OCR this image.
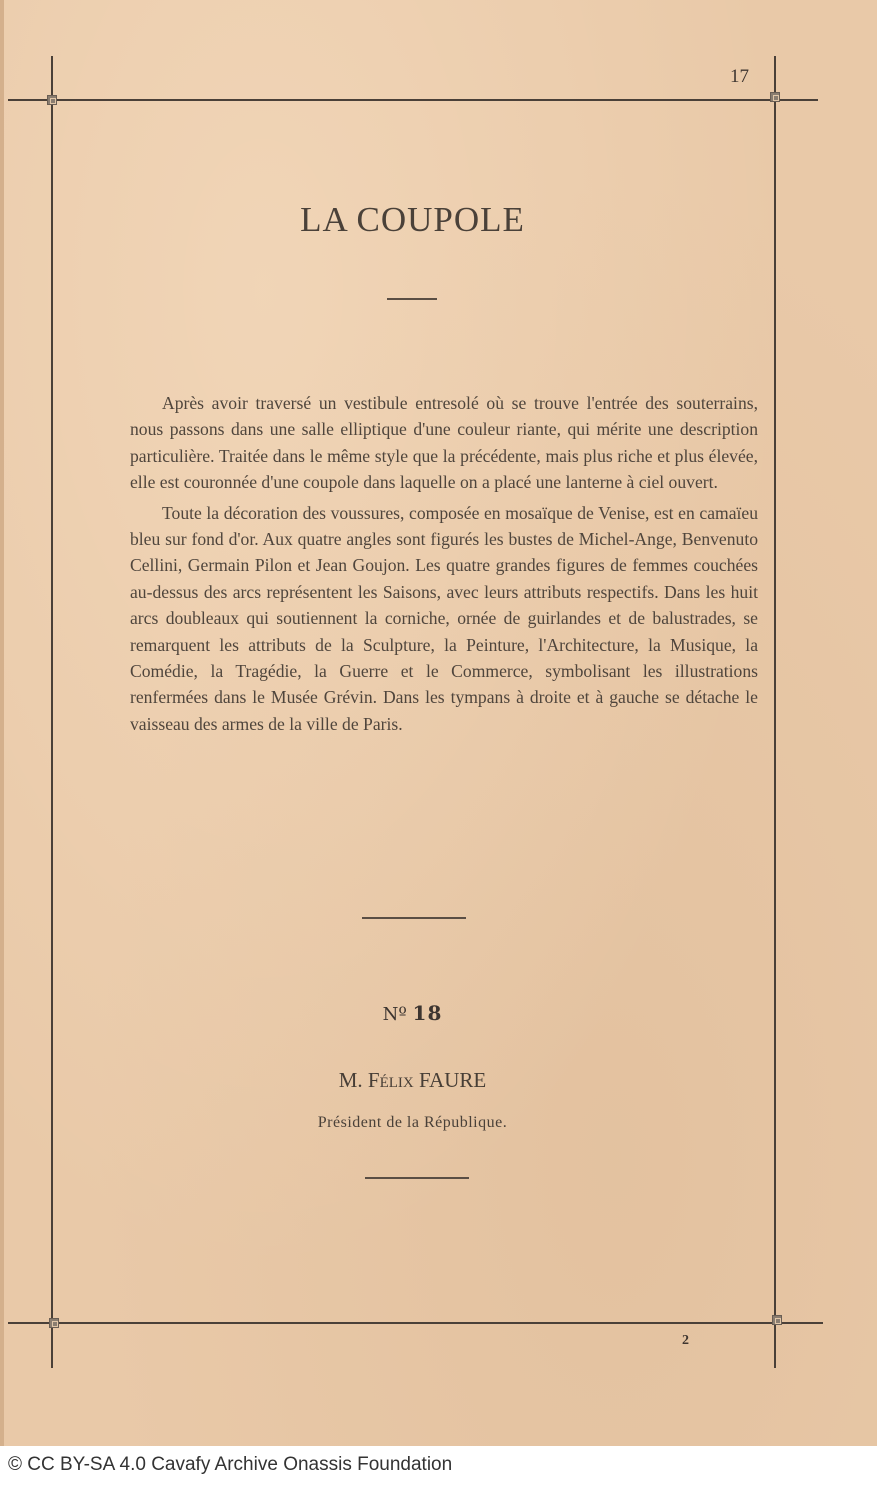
17
LA COUPOLE

Après avoir traversé un vestibule entresolé où se trouve l'entrée des souterrains, nous passons dans une salle elliptique d'une couleur riante, qui mérite une description particulière. Traitée dans le même style que la précédente, mais plus riche et plus élevée, elle est couronnée d'une coupole dans laquelle on a placé une lanterne à ciel ouvert.

Toute la décoration des voussures, composée en mosaïque de Venise, est en camaïeu bleu sur fond d'or. Aux quatre angles sont figurés les bustes de Michel-Ange, Benvenuto Cellini, Germain Pilon et Jean Goujon. Les quatre grandes figures de femmes couchées au-dessus des arcs représentent les Saisons, avec leurs attributs respectifs. Dans les huit arcs doubleaux qui soutiennent la corniche, ornée de guirlandes et de balustrades, se remarquent les attributs de la Sculpture, la Peinture, l'Architecture, la Musique, la Comédie, la Tragédie, la Guerre et le Commerce, symbolisant les illustrations renfermées dans le Musée Grévin. Dans les tympans à droite et à gauche se détache le vaisseau des armes de la ville de Paris.

Nº 18
M. Félix FAURE
Président de la République.
2
© CC BY-SA 4.0 Cavafy Archive Onassis Foundation
